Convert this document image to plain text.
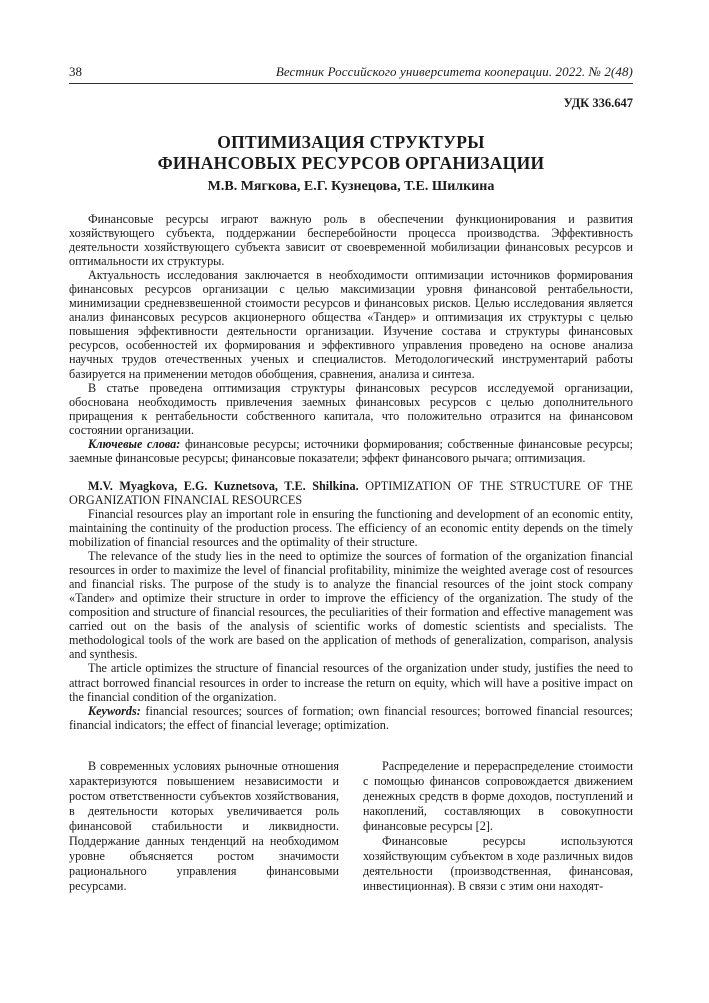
38	Вестник Российского университета кооперации. 2022. № 2(48)
УДК 336.647
ОПТИМИЗАЦИЯ СТРУКТУРЫ
ФИНАНСОВЫХ РЕСУРСОВ ОРГАНИЗАЦИИ
М.В. Мягкова, Е.Г. Кузнецова, Т.Е. Шилкина

Финансовые ресурсы играют важную роль в обеспечении функционирования и развития хозяйствующего субъекта, поддержании бесперебойности процесса производства. Эффективность деятельности хозяйствующего субъекта зависит от своевременной мобилизации финансовых ресурсов и оптимальности их структуры.

Актуальность исследования заключается в необходимости оптимизации источников формирования финансовых ресурсов организации с целью максимизации уровня финансовой рентабельности, минимизации средневзвешенной стоимости ресурсов и финансовых рисков. Целью исследования является анализ финансовых ресурсов акционерного общества «Тандер» и оптимизация их структуры с целью повышения эффективности деятельности организации. Изучение состава и структуры финансовых ресурсов, особенностей их формирования и эффективного управления проведено на основе анализа научных трудов отечественных ученых и специалистов. Методологический инструментарий работы базируется на применении методов обобщения, сравнения, анализа и синтеза.

В статье проведена оптимизация структуры финансовых ресурсов исследуемой организации, обоснована необходимость привлечения заемных финансовых ресурсов с целью дополнительного приращения к рентабельности собственного капитала, что положительно отразится на финансовом состоянии организации.

Ключевые слова: финансовые ресурсы; источники формирования; собственные финансовые ресурсы; заемные финансовые ресурсы; финансовые показатели; эффект финансового рычага; оптимизация.

M.V. Myagkova, E.G. Kuznetsova, T.E. Shilkina. OPTIMIZATION OF THE STRUCTURE OF THE ORGANIZATION FINANCIAL RESOURCES

Financial resources play an important role in ensuring the functioning and development of an economic entity, maintaining the continuity of the production process. The efficiency of an economic entity depends on the timely mobilization of financial resources and the optimality of their structure.

The relevance of the study lies in the need to optimize the sources of formation of the organization financial resources in order to maximize the level of financial profitability, minimize the weighted average cost of resources and financial risks. The purpose of the study is to analyze the financial resources of the joint stock company «Tander» and optimize their structure in order to improve the efficiency of the organization. The study of the composition and structure of financial resources, the peculiarities of their formation and effective management was carried out on the basis of the analysis of scientific works of domestic scientists and specialists. The methodological tools of the work are based on the application of methods of generalization, comparison, analysis and synthesis.

The article optimizes the structure of financial resources of the organization under study, justifies the need to attract borrowed financial resources in order to increase the return on equity, which will have a positive impact on the financial condition of the organization.

Keywords: financial resources; sources of formation; own financial resources; borrowed financial resources; financial indicators; the effect of financial leverage; optimization.

В современных условиях рыночные отношения характеризуются повышением независимости и ростом ответственности субъектов хозяйствования, в деятельности которых увеличивается роль финансовой стабильности и ликвидности. Поддержание данных тенденций на необходимом уровне объясняется ростом значимости рационального управления финансовыми ресурсами.

Распределение и перераспределение стоимости с помощью финансов сопровождается движением денежных средств в форме доходов, поступлений и накоплений, составляющих в совокупности финансовые ресурсы [2].

Финансовые ресурсы используются хозяйствующим субъектом в ходе различных видов деятельности (производственная, финансовая, инвестиционная). В связи с этим они находят-
